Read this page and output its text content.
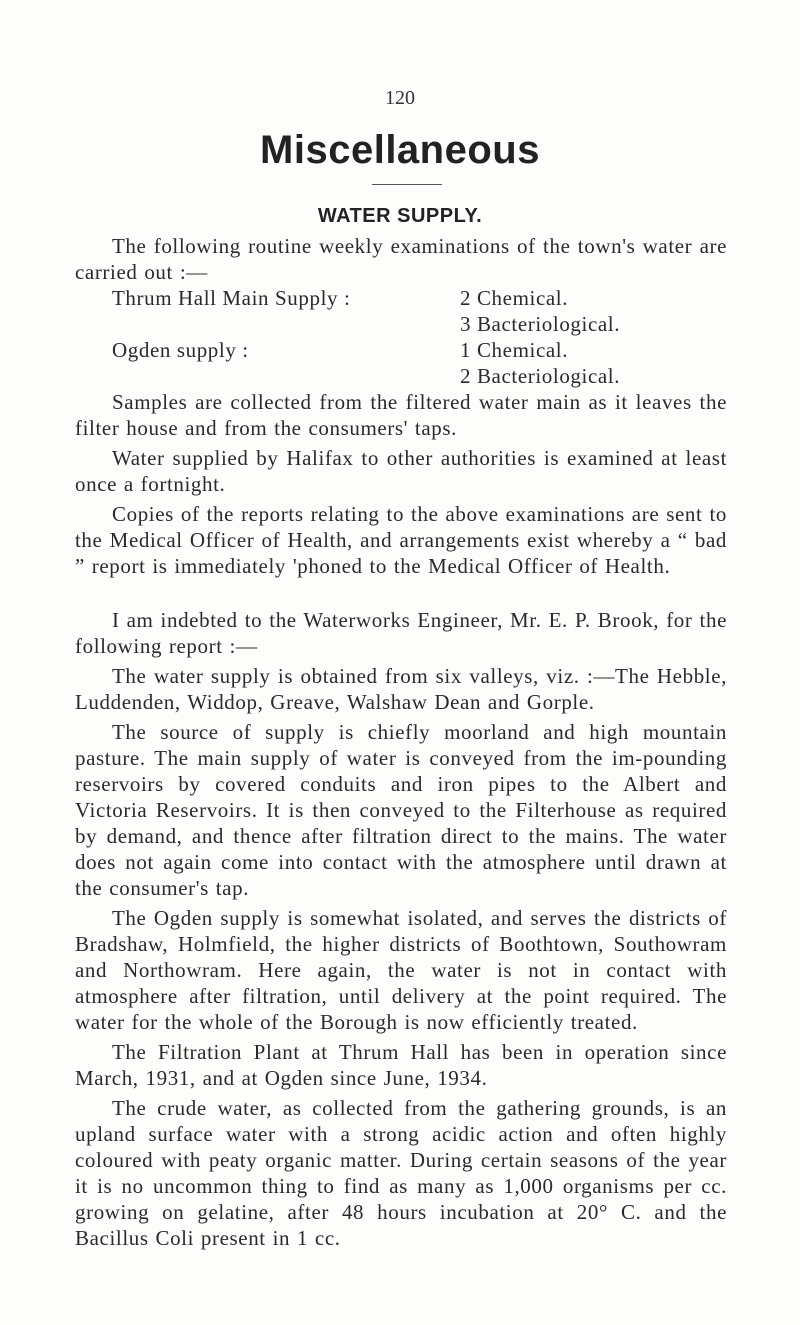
120
Miscellaneous
WATER SUPPLY.

The following routine weekly examinations of the town's water are carried out :—

Thrum Hall Main Supply :	2 Chemical.
3 Bacteriological.
Ogden supply :	1 Chemical.
2 Bacteriological.

Samples are collected from the filtered water main as it leaves the filter house and from the consumers' taps.

Water supplied by Halifax to other authorities is examined at least once a fortnight.

Copies of the reports relating to the above examinations are sent to the Medical Officer of Health, and arrangements exist whereby a “ bad ” report is immediately 'phoned to the Medical Officer of Health.

I am indebted to the Waterworks Engineer, Mr. E. P. Brook, for the following report :—

The water supply is obtained from six valleys, viz. :—The Hebble, Luddenden, Widdop, Greave, Walshaw Dean and Gorple.

The source of supply is chiefly moorland and high mountain pasture. The main supply of water is conveyed from the im-pounding reservoirs by covered conduits and iron pipes to the Albert and Victoria Reservoirs. It is then conveyed to the Filterhouse as required by demand, and thence after filtration direct to the mains. The water does not again come into contact with the atmosphere until drawn at the consumer's tap.

The Ogden supply is somewhat isolated, and serves the districts of Bradshaw, Holmfield, the higher districts of Boothtown, Southowram and Northowram. Here again, the water is not in contact with atmosphere after filtration, until delivery at the point required. The water for the whole of the Borough is now efficiently treated.

The Filtration Plant at Thrum Hall has been in operation since March, 1931, and at Ogden since June, 1934.

The crude water, as collected from the gathering grounds, is an upland surface water with a strong acidic action and often highly coloured with peaty organic matter. During certain seasons of the year it is no uncommon thing to find as many as 1,000 organisms per cc. growing on gelatine, after 48 hours incubation at 20° C. and the Bacillus Coli present in 1 cc.
